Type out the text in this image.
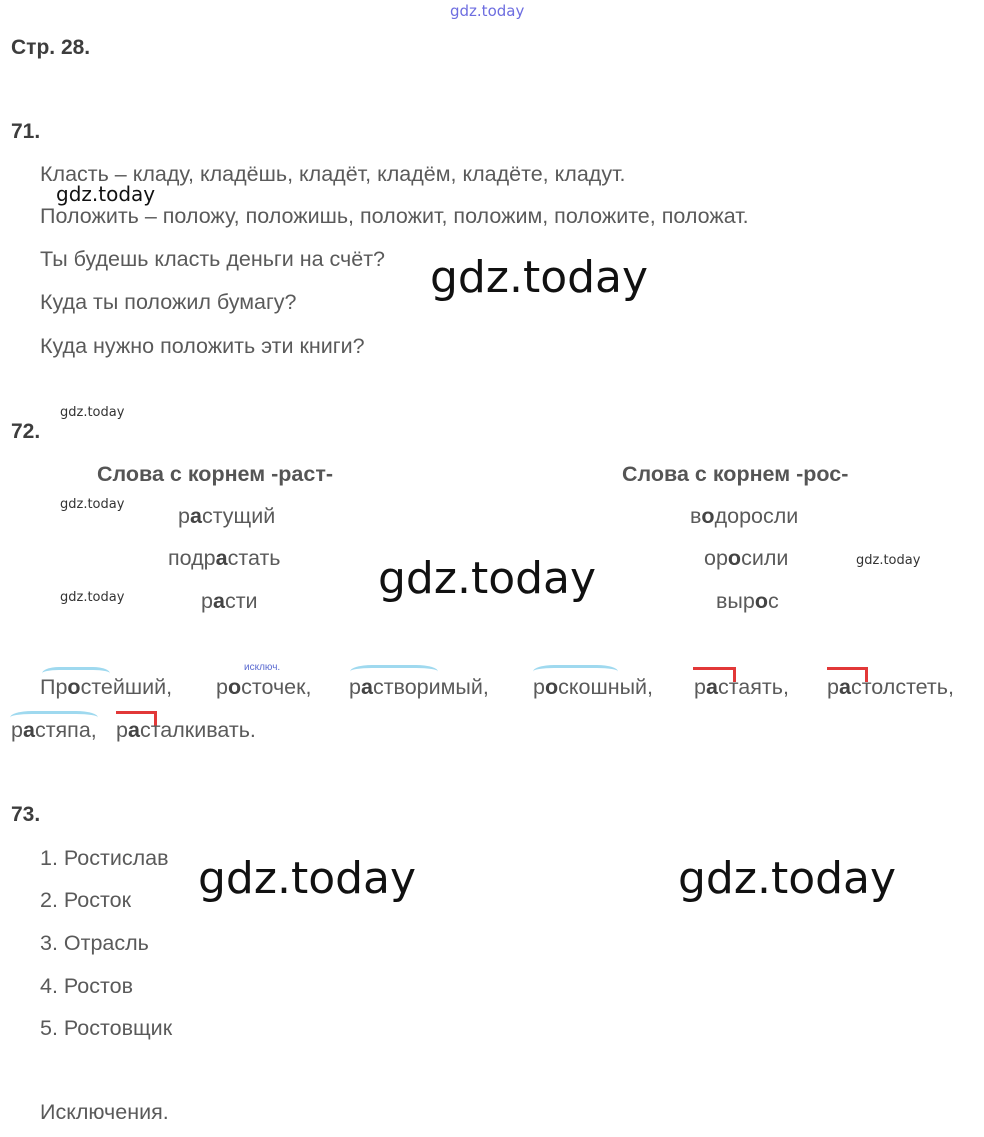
gdz.today
Стр. 28.
71.
Класть – кладу, кладёшь, кладёт, кладём, кладёте, кладут.
gdz.today
Положить – положу, положишь, положит, положим, положите, положат.
Ты будешь класть деньги на счёт? gdz.today
Куда ты положил бумагу?
Куда нужно положить эти книги?
gdz.today
72.
Слова с корнем -раст-	Слова с корнем -рос-
gdz.today
gdz.today
gdz.today
gdz.today
растущий
подрастать
расти
водоросли
оросили
вырос
исключ.
Простейший, росточек, растворимый, роскошный, растаять, растолстеть,
растяпа, расталкивать.
73.
1. Ростислав gdz.today	gdz.today
2. Росток
3. Отрасль
4. Ростов
5. Ростовщик
Исключения.
